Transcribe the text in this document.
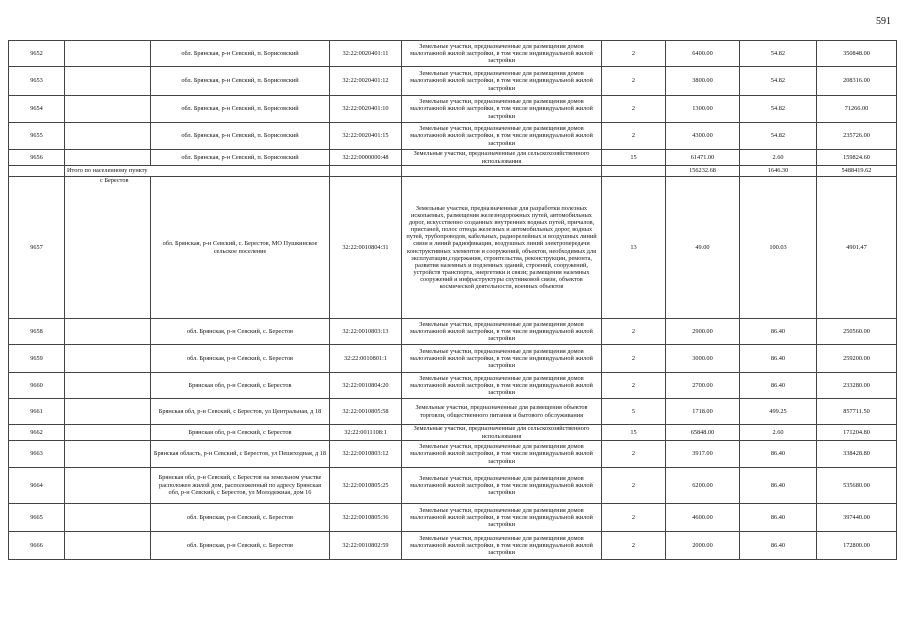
591
9652		обл. Брянская, р-н Севский, п. Борисовский	32:22:0020401:11	Земельные участки, предназначенные для размещения домов малоэтажной жилой застройки, в том числе индивидуальной жилой застройки	2	6400.00	54.82	350848.00
9653		обл. Брянская, р-н Севский, п. Борисовский	32:22:0020401:12	Земельные участки, предназначенные для размещения домов малоэтажной жилой застройки, в том числе индивидуальной жилой застройки	2	3800.00	54.82	208316.00
9654		обл. Брянская, р-н Севский, п. Борисовский	32:22:0020401:10	Земельные участки, предназначенные для размещения домов малоэтажной жилой застройки, в том числе индивидуальной жилой застройки	2	1300.00	54.82	71266.00
9655		обл. Брянская, р-н Севский, п. Борисовский	32:22:0020401:15	Земельные участки, предназначенные для размещения домов малоэтажной жилой застройки, в том числе индивидуальной жилой застройки	2	4300.00	54.82	235726.00
9656		обл. Брянская, р-н Севский, п. Борисовский	32:22:0000000:48	Земельные участки, предназначенные для сельскохозяйственного использования	15	61471.00	2.60	159824.60
	Итого по населенному пункту					156232.68	1646.30	5488419.62
9657	с Берестов	обл. Брянская, р-н Севский, с. Берестов, МО Пушкинское сельское поселение	32:22:0010804:31	Земельные участки, предназначенные для разработки полезных ископаемых, размещения железнодорожных путей, автомобильных дорог, искусственно созданных внутренних водных путей, причалов, пристаней, полос отвода железных и автомобильных дорог, водных путей, трубопроводов, кабельных, радиорелейных и воздушных линий связи и линий радиофикации, воздушных линий электропередачи конструктивных элементов и сооружений, объектов, необходимых для эксплуатации,содержания, строительства, реконструкции, ремонта, развития наземных и подземных зданий, строений, сооружений, устройств транспорта, энергетики и связи; размещения наземных сооружений и инфраструктуры спутниковой связи, объектов космической деятельности, военных объектов	13	49.00	100.03	4901.47
9658		обл. Брянская, р-н Севский, с. Берестов	32:22:0010803:13	Земельные участки, предназначенные для размещения домов малоэтажной жилой застройки, в том числе индивидуальной жилой застройки	2	2900.00	86.40	250560.00
9659		обл. Брянская, р-н Севский, с. Берестов	32:22:0010801:1	Земельные участки, предназначенные для размещения домов малоэтажной жилой застройки, в том числе индивидуальной жилой застройки	2	3000.00	86.40	259200.00
9660		Брянская обл, р-н Севский, с Берестов	32:22:0010804:20	Земельные участки, предназначенные для размещения домов малоэтажной жилой застройки, в том числе индивидуальной жилой застройки	2	2700.00	86.40	233280.00
9661		Брянская обл, р-н Севский, с Берестов, ул Центральная, д 18	32:22:0010805:58	Земельные участки, предназначенные для размещения объектов торговли, общественного питания и бытового обслуживания	5	1718.00	499.25	857711.50
9662		Брянская обл, р-н Севский, с Берестов	32:22:0011108:1	Земельные участки, предназначенные для сельскохозяйственного использования	15	65848.00	2.60	171204.80
9663		Брянская область, р-н Севский, с Берестов, ул Пешеходная, д 18	32:22:0010803:12	Земельные участки, предназначенные для размещения домов малоэтажной жилой застройки, в том числе индивидуальной жилой застройки	2	3917.00	86.40	338428.80
9664		Брянская обл, р-н Севский, с Берестов на земельном участке расположен жилой дом, расположенный по адресу Брянская обл, р-н Севский, с Берестов, ул Молодежная, дом 16	32:22:0010805:25	Земельные участки, предназначенные для размещения домов малоэтажной жилой застройки, в том числе индивидуальной жилой застройки	2	6200.00	86.40	535680.00
9665		обл. Брянская, р-н Севский, с. Берестов	32:22:0010805:36	Земельные участки, предназначенные для размещения домов малоэтажной жилой застройки, в том числе индивидуальной жилой застройки	2	4600.00	86.40	397440.00
9666		обл. Брянская, р-н Севский, с. Берестов	32:22:0010802:59	Земельные участки, предназначенные для размещения домов малоэтажной жилой застройки, в том числе индивидуальной жилой застройки	2	2000.00	86.40	172800.00
